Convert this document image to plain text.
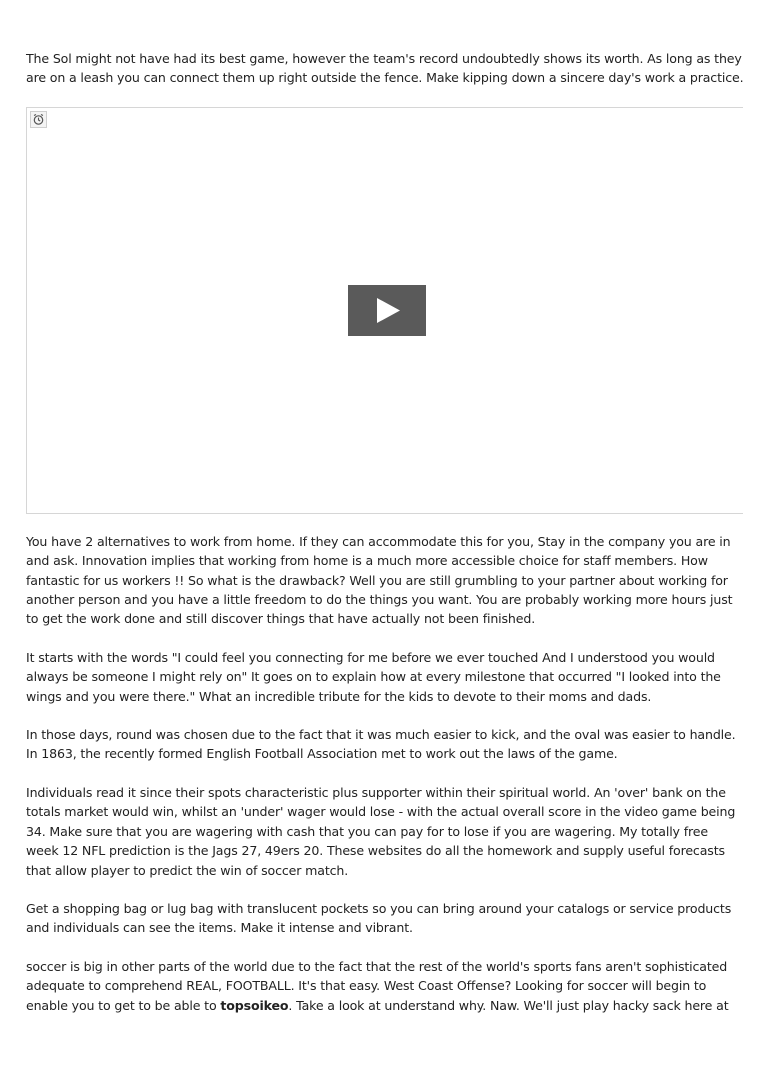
The Sol might not have had its best game, however the team's record undoubtedly shows its worth. As long as they are on a leash you can connect them up right outside the fence. Make kipping down a sincere day's work a practice.

You have 2 alternatives to work from home. If they can accommodate this for you, Stay in the company you are in and ask. Innovation implies that working from home is a much more accessible choice for staff members. How fantastic for us workers !! So what is the drawback? Well you are still grumbling to your partner about working for another person and you have a little freedom to do the things you want. You are probably working more hours just to get the work done and still discover things that have actually not been finished.

It starts with the words "I could feel you connecting for me before we ever touched And I understood you would always be someone I might rely on" It goes on to explain how at every milestone that occurred "I looked into the wings and you were there." What an incredible tribute for the kids to devote to their moms and dads.

In those days, round was chosen due to the fact that it was much easier to kick, and the oval was easier to handle. In 1863, the recently formed English Football Association met to work out the laws of the game.

Individuals read it since their spots characteristic plus supporter within their spiritual world. An 'over' bank on the totals market would win, whilst an 'under' wager would lose - with the actual overall score in the video game being 34. Make sure that you are wagering with cash that you can pay for to lose if you are wagering. My totally free week 12 NFL prediction is the Jags 27, 49ers 20. These websites do all the homework and supply useful forecasts that allow player to predict the win of soccer match.

Get a shopping bag or lug bag with translucent pockets so you can bring around your catalogs or service products and individuals can see the items. Make it intense and vibrant.

soccer is big in other parts of the world due to the fact that the rest of the world's sports fans aren't sophisticated adequate to comprehend REAL, FOOTBALL. It's that easy. West Coast Offense? Looking for soccer will begin to enable you to get to be able to topsoikeo. Take a look at understand why. Naw. We'll just play hacky sack here at
